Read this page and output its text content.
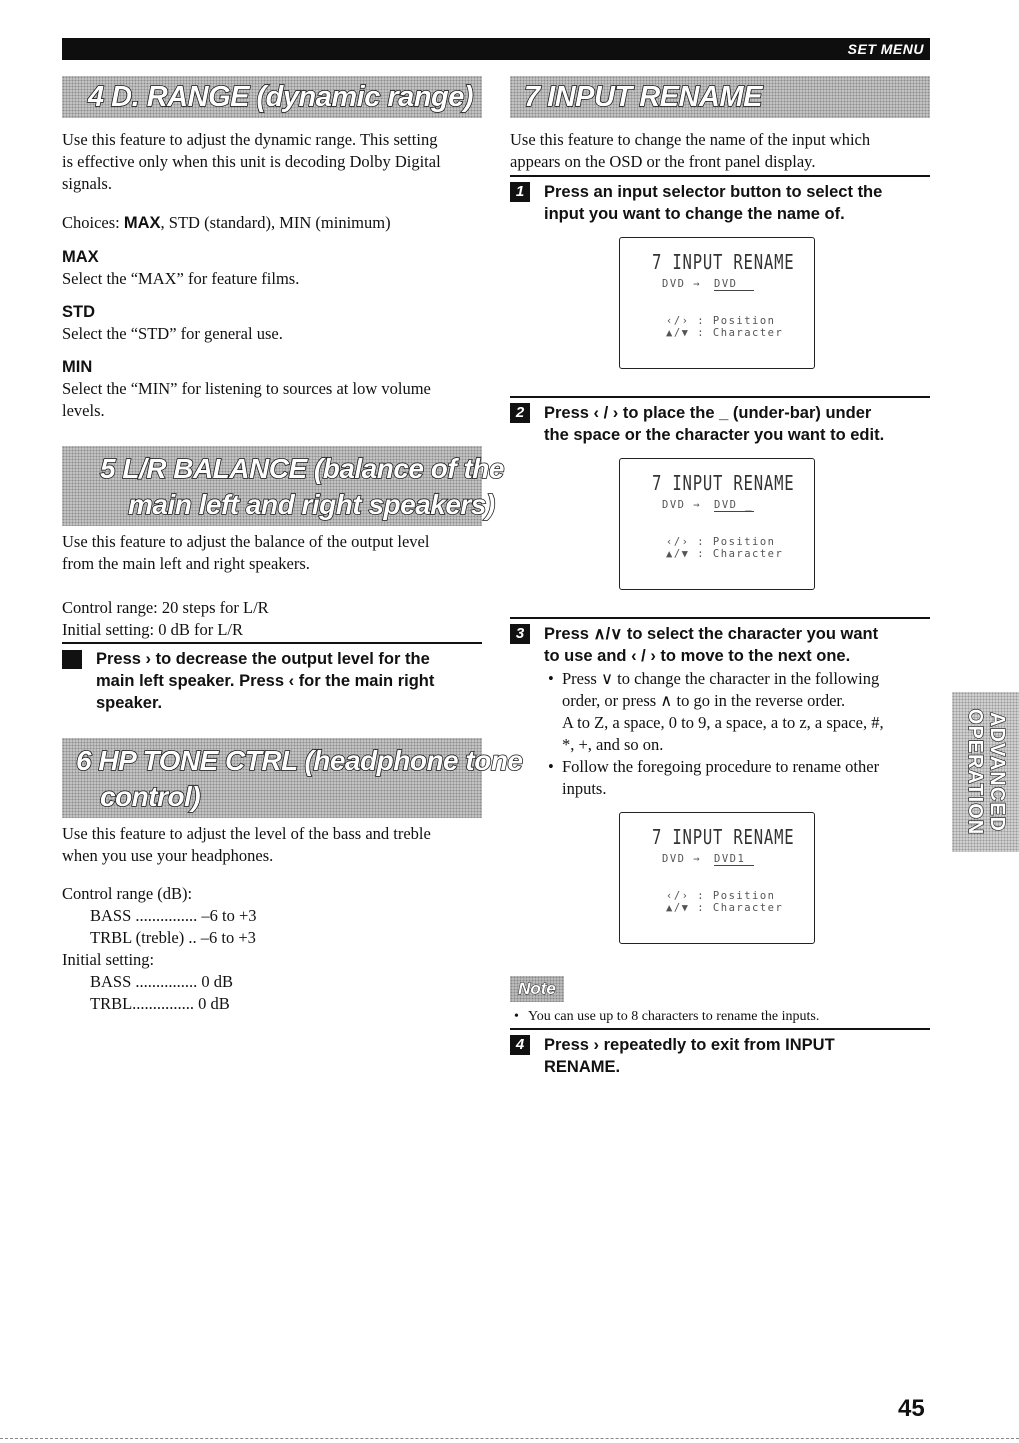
SET MENU
4 D. RANGE (dynamic range)
Use this feature to adjust the dynamic range. This setting
is effective only when this unit is decoding Dolby Digital
signals.
Choices: MAX, STD (standard), MIN (minimum)
MAX
Select the “MAX” for feature films.
STD
Select the “STD” for general use.
MIN
Select the “MIN” for listening to sources at low volume
levels.
5 L/R BALANCE (balance of the
main left and right speakers)
Use this feature to adjust the balance of the output level
from the main left and right speakers.
Control range: 20 steps for L/R
Initial setting: 0 dB for L/R
Press › to decrease the output level for the
main left speaker. Press ‹ for the main right
speaker.
6 HP TONE CTRL (headphone tone
control)
Use this feature to adjust the level of the bass and treble
when you use your headphones.
Control range (dB):
BASS ............... –6 to +3
TRBL (treble) .. –6 to +3
Initial setting:
BASS ............... 0 dB
TRBL............... 0 dB
7 INPUT RENAME
Use this feature to change the name of the input which
appears on the OSD or the front panel display.
1	Press an input selector button to select the
input you want to change the name of.
7 INPUT RENAME
DVD → DVD
‹/› : Position
▲/▼ : Character
2	Press ‹ / › to place the _ (under-bar) under
the space or the character you want to edit.
7 INPUT RENAME
DVD → DVD _
‹/› : Position
▲/▼ : Character
3	Press ∧/∨ to select the character you want
to use and ‹ / › to move to the next one.
• Press ∨ to change the character in the following
order, or press ∧ to go in the reverse order.
A to Z, a space, 0 to 9, a space, a to z, a space, #,
*, +, and so on.
• Follow the foregoing procedure to rename other
inputs.
7 INPUT RENAME
DVD → DVD1
‹/› : Position
▲/▼ : Character
Note
• You can use up to 8 characters to rename the inputs.
4	Press › repeatedly to exit from INPUT
RENAME.
ADVANCED
OPERATION
45
